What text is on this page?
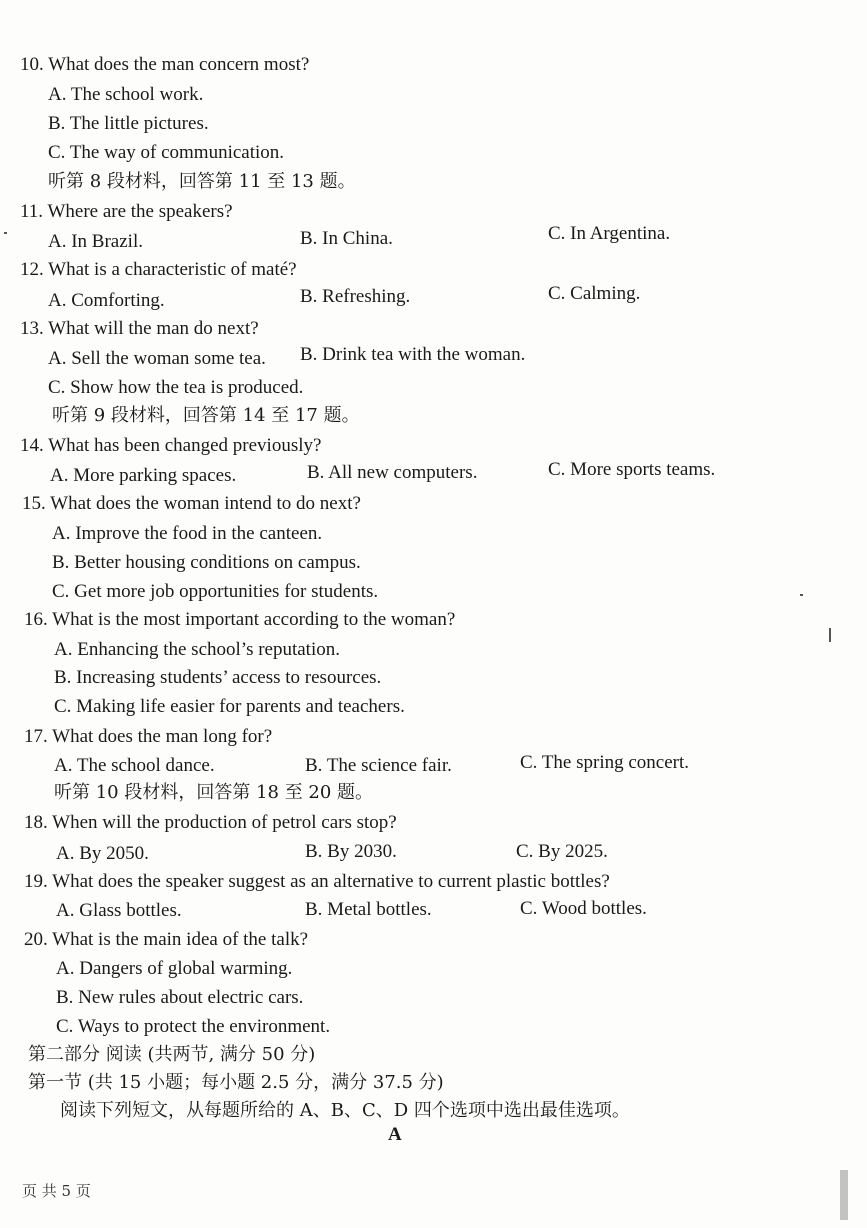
10. What does the man concern most?
A. The school work.
B. The little pictures.
C. The way of communication.
听第 8 段材料，回答第 11 至 13 题。
11. Where are the speakers?
A. In Brazil.	B. In China.	C. In Argentina.
12. What is a characteristic of maté?
A. Comforting.	B. Refreshing.	C. Calming.
13. What will the man do next?
A. Sell the woman some tea. B. Drink tea with the woman.
C. Show how the tea is produced.
听第 9 段材料，回答第 14 至 17 题。
14. What has been changed previously?
A. More parking spaces.	B. All new computers.	C. More sports teams.
15. What does the woman intend to do next?
A. Improve the food in the canteen.
B. Better housing conditions on campus.
C. Get more job opportunities for students.
16. What is the most important according to the woman?
A. Enhancing the school’s reputation.
B. Increasing students’ access to resources.
C. Making life easier for parents and teachers.
17. What does the man long for?
A. The school dance.	B. The science fair.	C. The spring concert.
听第 10 段材料，回答第 18 至 20 题。
18. When will the production of petrol cars stop?
A. By 2050.	B. By 2030.	C. By 2025.
19. What does the speaker suggest as an alternative to current plastic bottles?
A. Glass bottles.	B. Metal bottles.	C. Wood bottles.
20. What is the main idea of the talk?
A. Dangers of global warming.
B. New rules about electric cars.
C. Ways to protect the environment.
第二部分 阅读 (共两节, 满分 50 分)
第一节 (共 15 小题；每小题 2.5 分，满分 37.5 分)
阅读下列短文，从每题所给的 A、B、C、D 四个选项中选出最佳选项。
A
页 共 5 页
